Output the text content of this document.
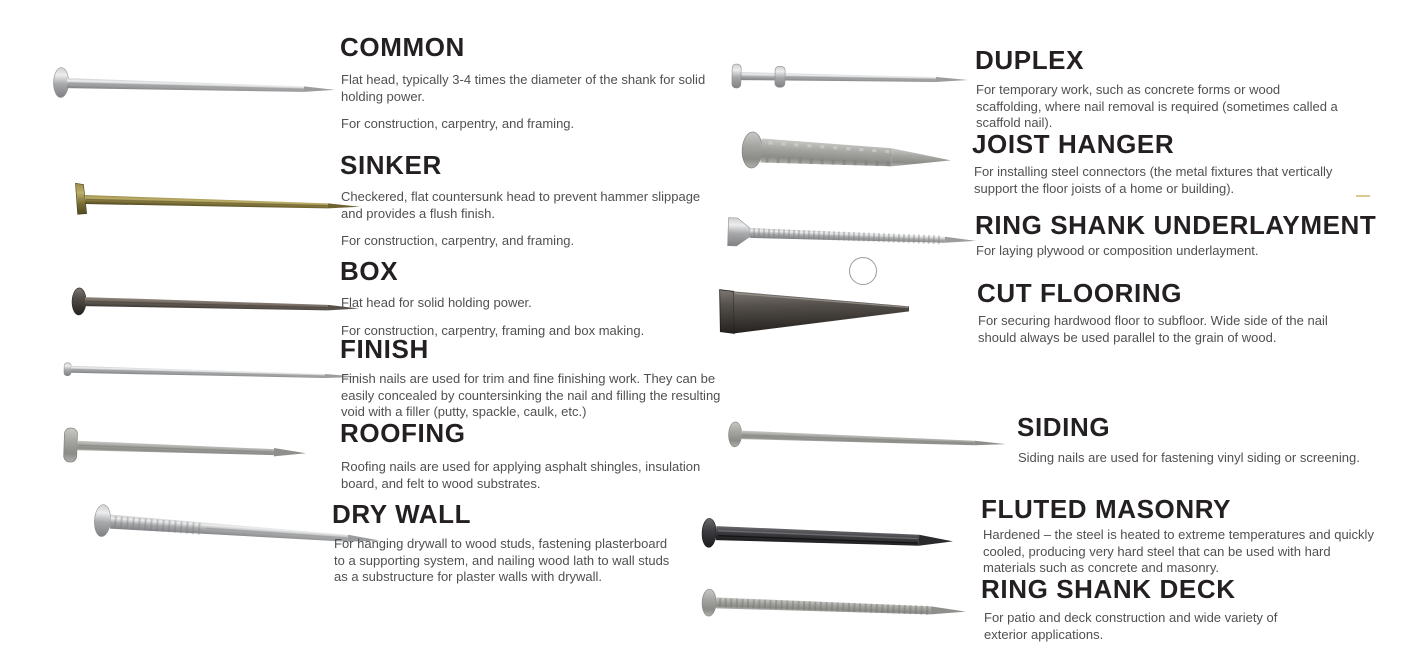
COMMON

Flat head, typically 3-4 times the diameter of the shank for solid holding power.

For construction, carpentry, and framing.

SINKER

Checkered, flat countersunk head to prevent hammer slippage and provides a flush finish.

For construction, carpentry, and framing.

BOX

Flat head for solid holding power.

For construction, carpentry, framing and box making.

FINISH

Finish nails are used for trim and fine finishing work. They can be easily concealed by countersinking the nail and filling the resulting void with a filler (putty, spackle, caulk, etc.)

ROOFING

Roofing nails are used for applying asphalt shingles, insulation board, and felt to wood substrates.

DRY WALL

For hanging drywall to wood studs, fastening plasterboard to a supporting system, and nailing wood lath to wall studs as a substructure for plaster walls with drywall.

DUPLEX

For temporary work, such as concrete forms or wood scaffolding, where nail removal is required (sometimes called a scaffold nail).

JOIST HANGER

For installing steel connectors (the metal fixtures that vertically support the floor joists of a home or building).

RING SHANK UNDERLAYMENT

For laying plywood or composition underlayment.

CUT FLOORING

For securing hardwood floor to subfloor. Wide side of the nail should always be used parallel to the grain of wood.

SIDING

Siding nails are used for fastening vinyl siding or screening.

FLUTED MASONRY

Hardened – the steel is heated to extreme temperatures and quickly cooled, producing very hard steel that can be used with hard materials such as concrete and masonry.

RING SHANK DECK

For patio and deck construction and wide variety of exterior applications.
